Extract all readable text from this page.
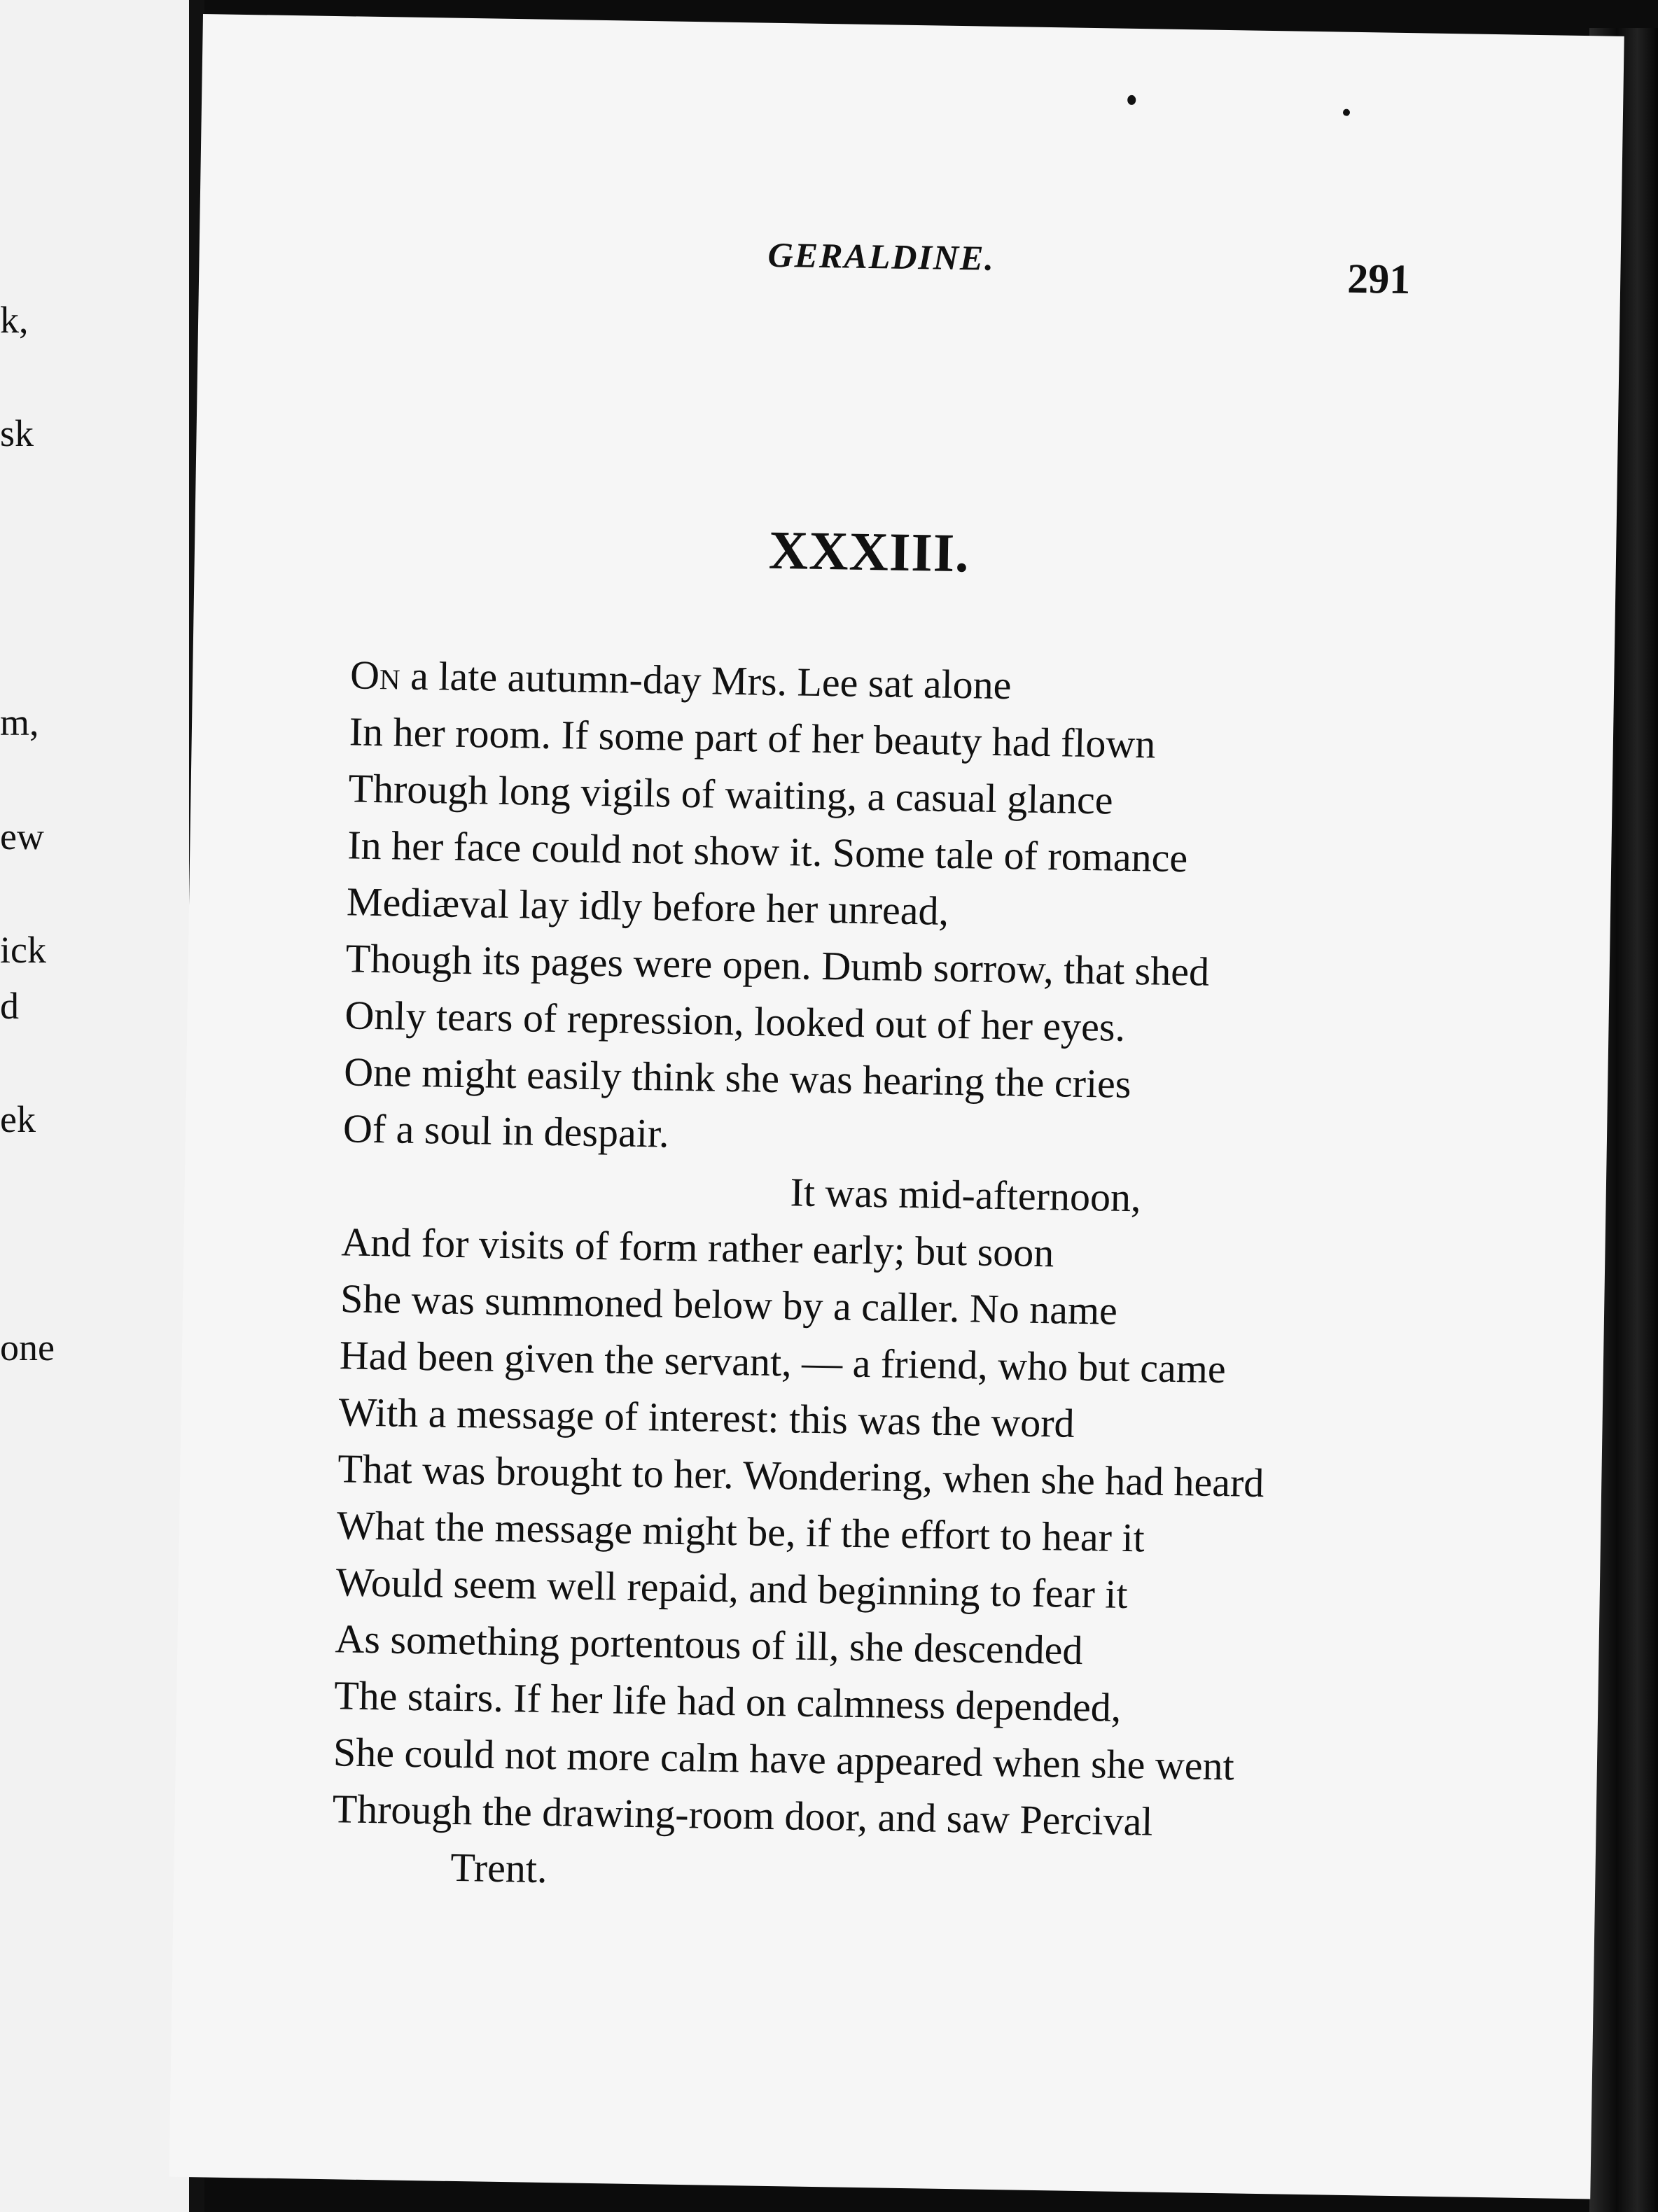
k,
sk
m,
ew
ick
d
ek
one
GERALDINE.	291
XXXIII.
On a late autumn-day Mrs. Lee sat alone
In her room. If some part of her beauty had flown
Through long vigils of waiting, a casual glance
In her face could not show it. Some tale of romance
Mediæval lay idly before her unread,
Though its pages were open. Dumb sorrow, that shed
Only tears of repression, looked out of her eyes.
One might easily think she was hearing the cries
Of a soul in despair.
It was mid-afternoon,
And for visits of form rather early; but soon
She was summoned below by a caller. No name
Had been given the servant, — a friend, who but came
With a message of interest: this was the word
That was brought to her. Wondering, when she had heard
What the message might be, if the effort to hear it
Would seem well repaid, and beginning to fear it
As something portentous of ill, she descended
The stairs. If her life had on calmness depended,
She could not more calm have appeared when she went
Through the drawing-room door, and saw Percival
Trent.
